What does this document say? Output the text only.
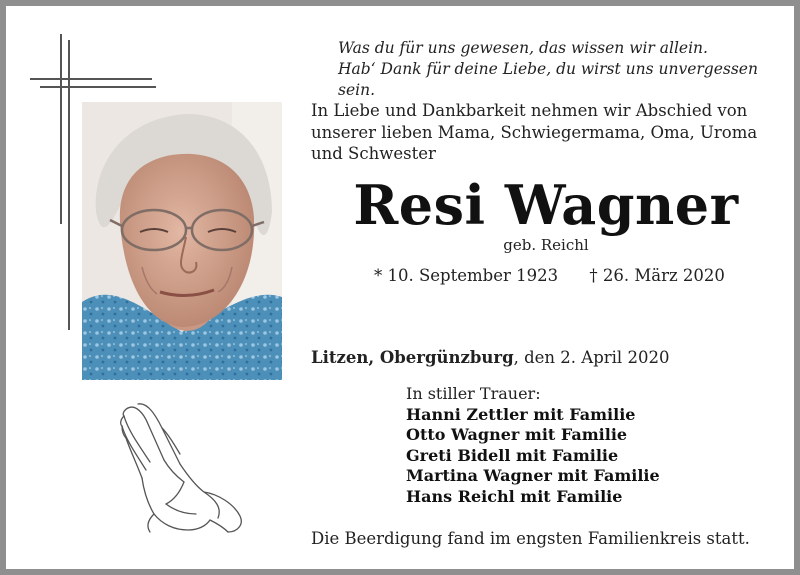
Was du für uns gewesen, das wissen wir allein.
Hab‘ Dank für deine Liebe, du wirst uns unvergessen sein.
In Liebe und Dankbarkeit nehmen wir Abschied von
unserer lieben Mama, Schwiegermama, Oma, Uroma
und Schwester
Resi Wagner
geb. Reichl
* 10. September 1923 † 26. März 2020
Litzen, Obergünzburg, den 2. April 2020
In stiller Trauer:
Hanni Zettler mit Familie
Otto Wagner mit Familie
Greti Bidell mit Familie
Martina Wagner mit Familie
Hans Reichl mit Familie
Die Beerdigung fand im engsten Familienkreis statt.
